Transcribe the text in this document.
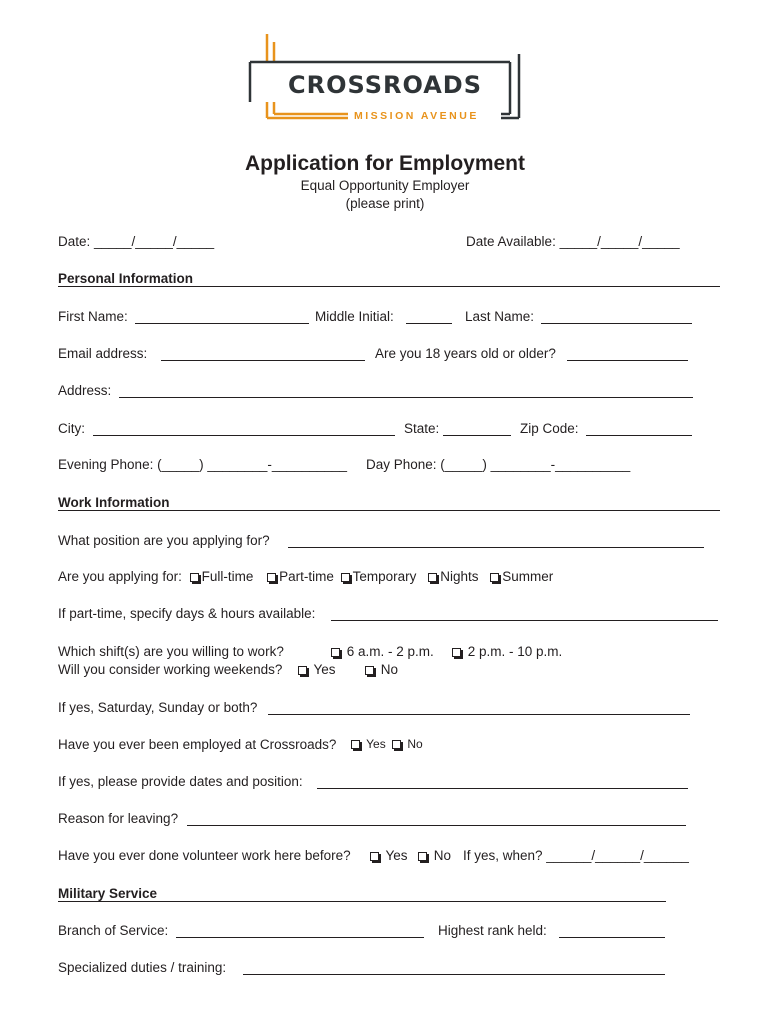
CROSSROADS
MISSION AVENUE
Application for Employment
Equal Opportunity Employer
(please print)
Date: _____/_____/_____	Date Available: _____/_____/_____
Personal Information
First Name:	Middle Initial:	Last Name:
Email address:	Are you 18 years old or older?
Address:
City:	State:	Zip Code:
Evening Phone: (_____) ________-__________ Day Phone: (_____) ________-__________
Work Information
What position are you applying for?
Are you applying for: Full-time Part-time Temporary Nights Summer
If part-time, specify days & hours available:
Which shift(s) are you willing to work?	6 a.m. - 2 p.m.	2 p.m. - 10 p.m.
Will you consider working weekends?	Yes	No
If yes, Saturday, Sunday or both?
Have you ever been employed at Crossroads?	Yes	No
If yes, please provide dates and position:
Reason for leaving?
Have you ever done volunteer work here before?	Yes	No If yes, when? ______/______/______
Military Service
Branch of Service:	Highest rank held:
Specialized duties / training:
